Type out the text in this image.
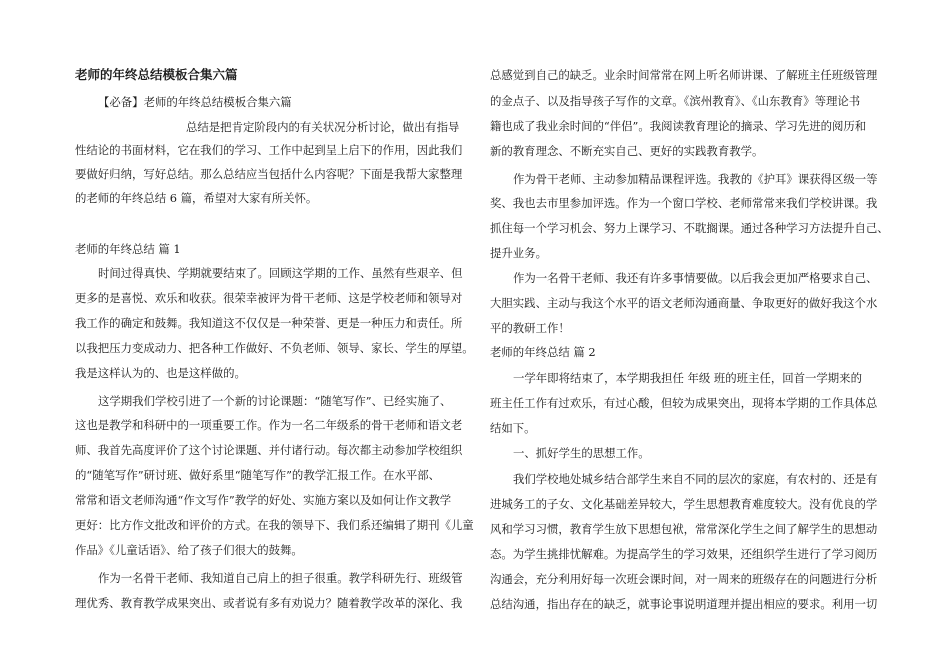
老师的年终总结模板合集六篇
【必备】老师的年终总结模板合集六篇
总结是把肯定阶段内的有关状况分析讨论，做出有指导
性结论的书面材料，它在我们的学习、工作中起到呈上启下的作用，因此我们
要做好归纳，写好总结。那么总结应当包括什么内容呢？下面是我帮大家整理
的老师的年终总结 6 篇，希望对大家有所关怀。
老师的年终总结 篇 1
时间过得真快、学期就要结束了。回顾这学期的工作、虽然有些艰辛、但
更多的是喜悦、欢乐和收获。很荣幸被评为骨干老师、这是学校老师和领导对
我工作的确定和鼓舞。我知道这不仅仅是一种荣誉、更是一种压力和责任。所
以我把压力变成动力、把各种工作做好、不负老师、领导、家长、学生的厚望。
我是这样认为的、也是这样做的。
这学期我们学校引进了一个新的讨论课题：“随笔写作”、已经实施了、
这也是教学和科研中的一项重要工作。作为一名二年级系的骨干老师和语文老
师、我首先高度评价了这个讨论课题、并付诸行动。每次都主动参加学校组织
的“随笔写作”研讨班、做好系里“随笔写作”的教学汇报工作。在水平部、
常常和语文老师沟通“作文写作”教学的好处、实施方案以及如何让作文教学
更好：比方作文批改和评价的方式。在我的领导下、我们系还编辑了期刊《儿童
作品》《儿童话语》、给了孩子们很大的鼓舞。
作为一名骨干老师、我知道自己肩上的担子很重。教学科研先行、班级管
理优秀、教育教学成果突出、或者说有多有劝说力？随着教学改革的深化、我
总感觉到自己的缺乏。业余时间常常在网上听名师讲课、了解班主任班级管理
的金点子、以及指导孩子写作的文章。《滨州教育》、《山东教育》等理论书
籍也成了我业余时间的“伴侣”。我阅读教育理论的摘录、学习先进的阅历和
新的教育理念、不断充实自己、更好的实践教育教学。
作为骨干老师、主动参加精品课程评选。我教的《护耳》课获得区级一等
奖、我也去市里参加评选。作为一个窗口学校、老师常常来我们学校讲课。我
抓住每一个学习机会、努力上课学习、不耽搁课。通过各种学习方法提升自己、
提升业务。
作为一名骨干老师、我还有许多事情要做。以后我会更加严格要求自己、
大胆实践、主动与我这个水平的语文老师沟通商量、争取更好的做好我这个水
平的教研工作！
老师的年终总结 篇 2
一学年即将结束了，本学期我担任 年级 班的班主任，回首一学期来的
班主任工作有过欢乐，有过心酸，但较为成果突出，现将本学期的工作具体总
结如下。
一、抓好学生的思想工作。
我们学校地处城乡结合部学生来自不同的层次的家庭，有农村的、还是有
进城务工的子女、文化基础差异较大，学生思想教育难度较大。没有优良的学
风和学习习惯，教育学生放下思想包袱，常常深化学生之间了解学生的思想动
态。为学生挑排忧解难。为提高学生的学习效果，还组织学生进行了学习阅历
沟通会，充分利用好每一次班会课时间，对一周来的班级存在的问题进行分析
总结沟通，指出存在的缺乏，就事论事说明道理并提出相应的要求。利用一切
